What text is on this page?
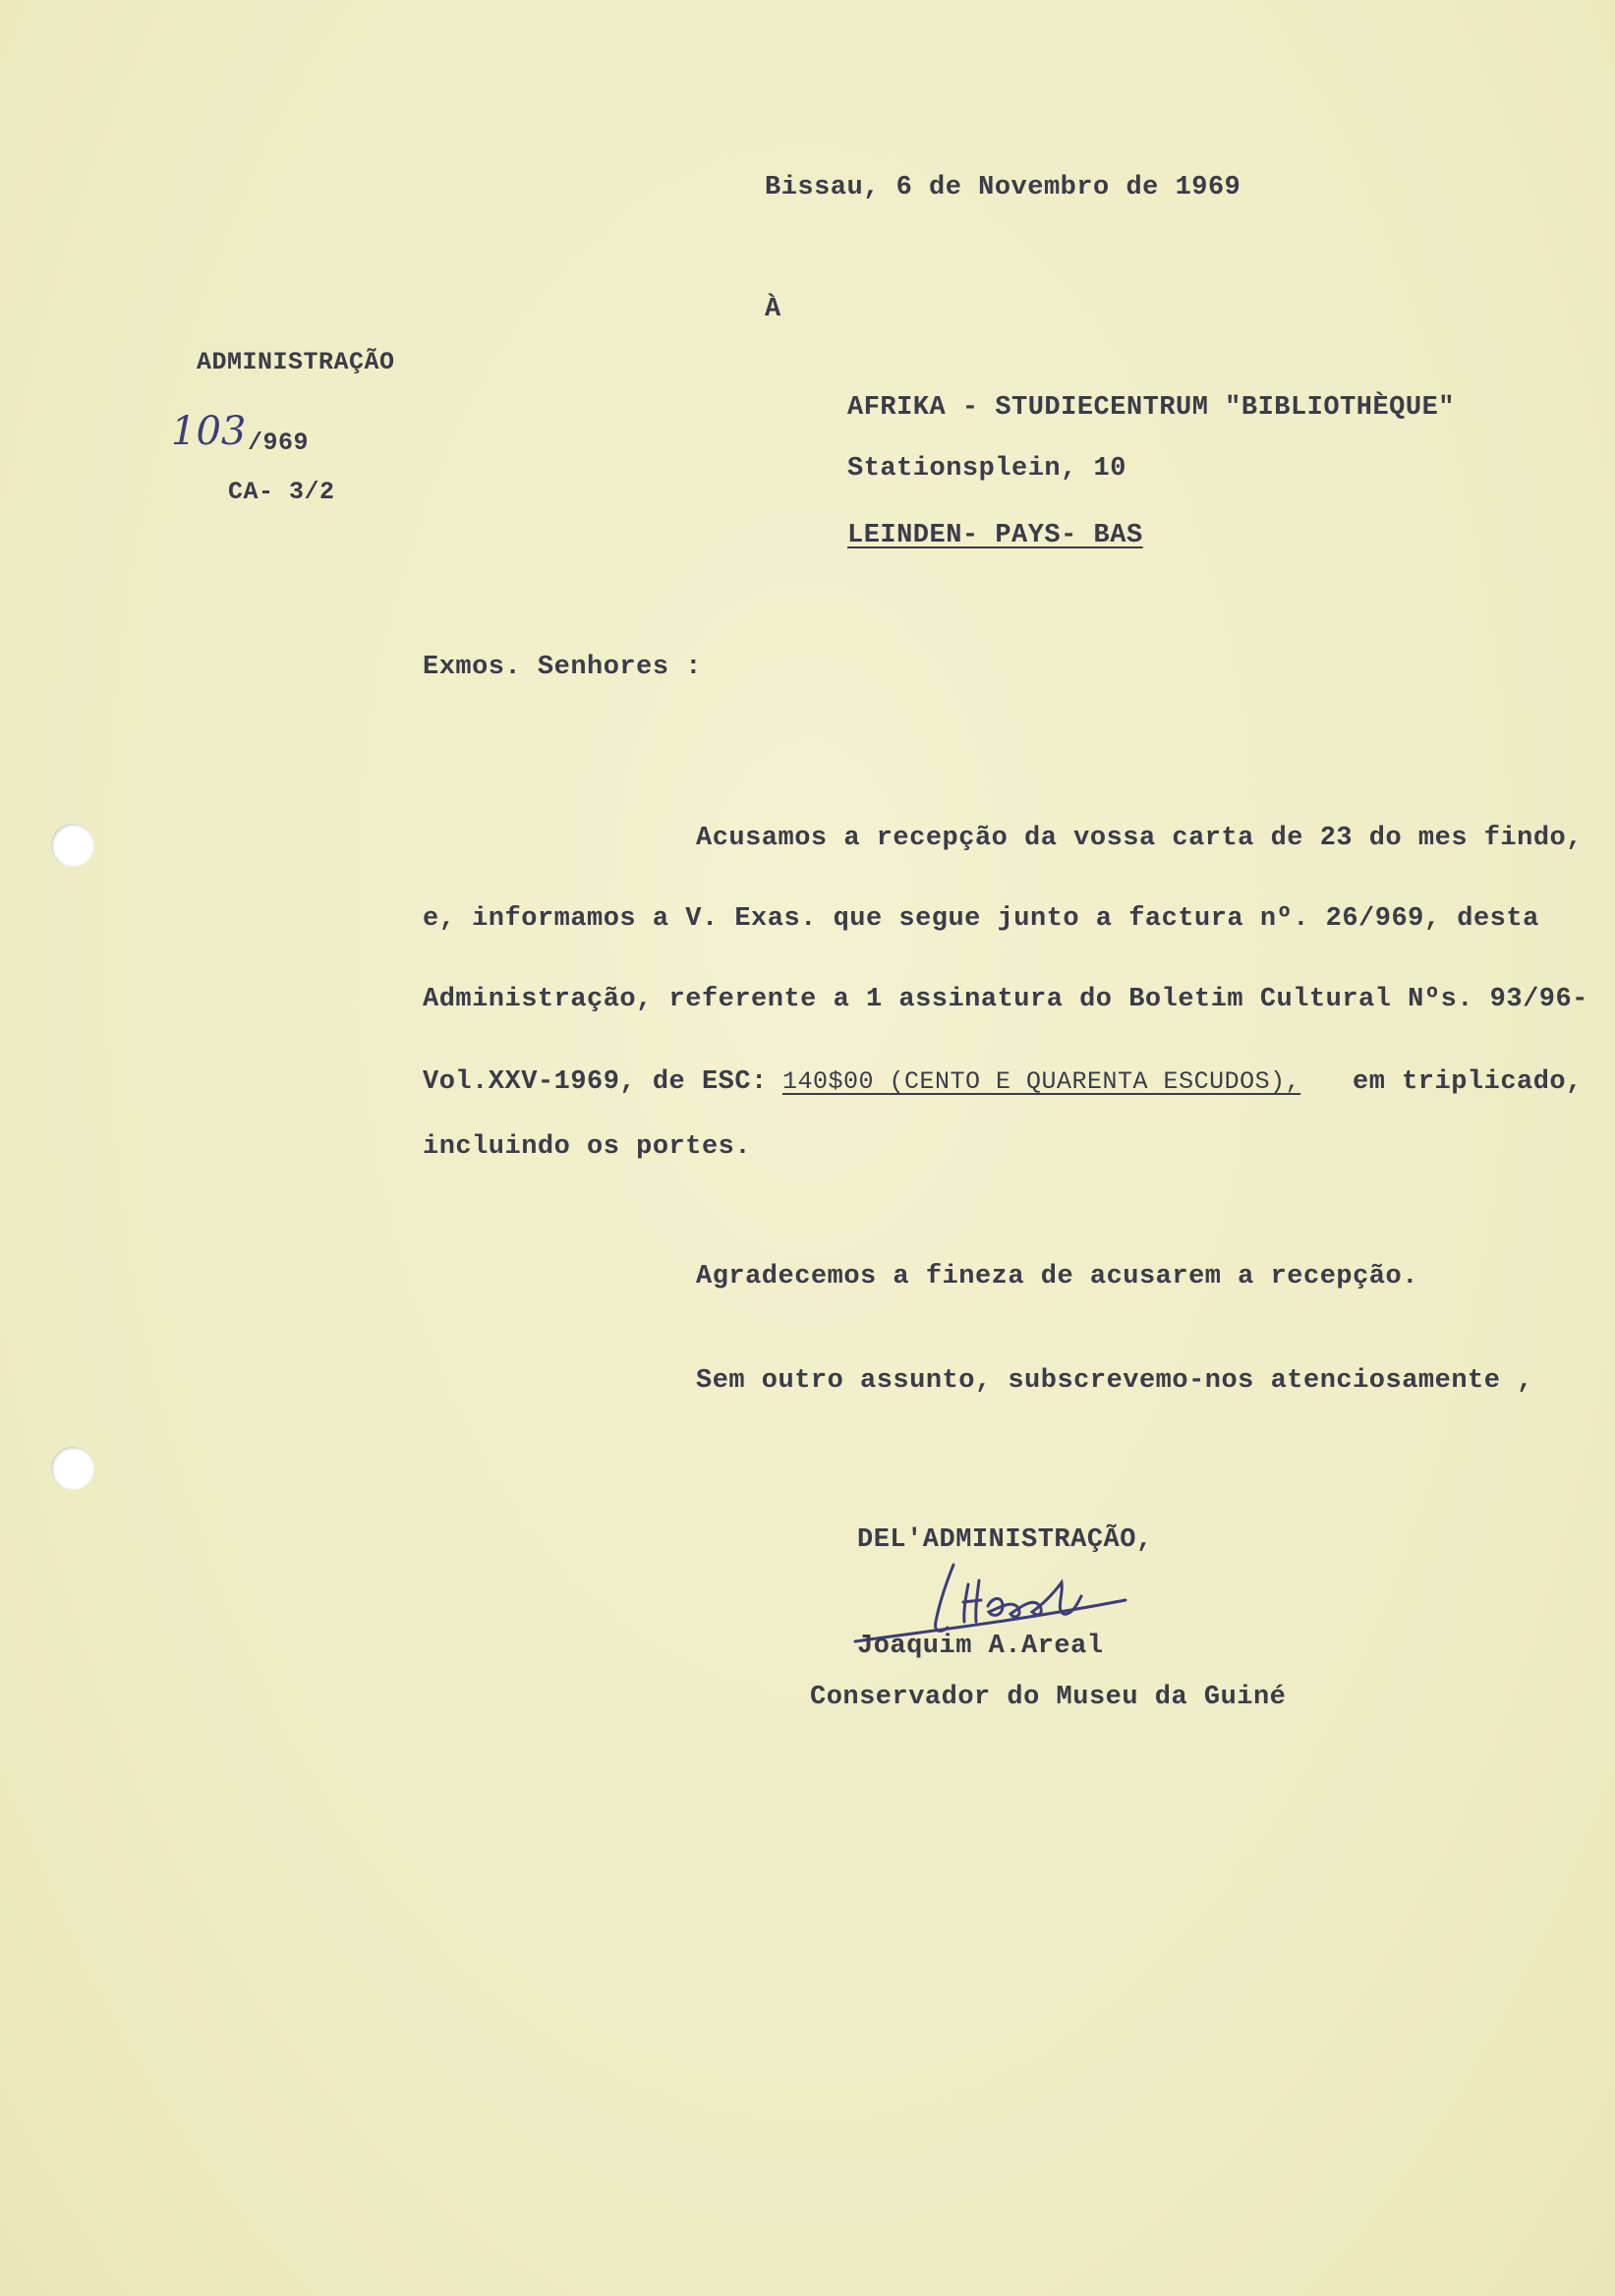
Bissau, 6 de Novembro de 1969
À
ADMINISTRAÇÃO
103 /969
CA- 3/2
AFRIKA - STUDIECENTRUM "BIBLIOTHÈQUE"
Stationsplein, 10
LEINDEN- PAYS- BAS
Exmos. Senhores :
Acusamos a recepção da vossa carta de 23 do mes findo,
e, informamos a V. Exas. que segue junto a factura nº. 26/969, desta
Administração, referente a 1 assinatura do Boletim Cultural Nºs. 93/96-
Vol.XXV-1969, de ESC: 140$00 (CENTO E QUARENTA ESCUDOS), em triplicado,
incluindo os portes.
Agradecemos a fineza de acusarem a recepção.
Sem outro assunto, subscrevemo-nos atenciosamente ,
DEL'ADMINISTRAÇÃO,
Joaquim A.Areal
Conservador do Museu da Guiné
